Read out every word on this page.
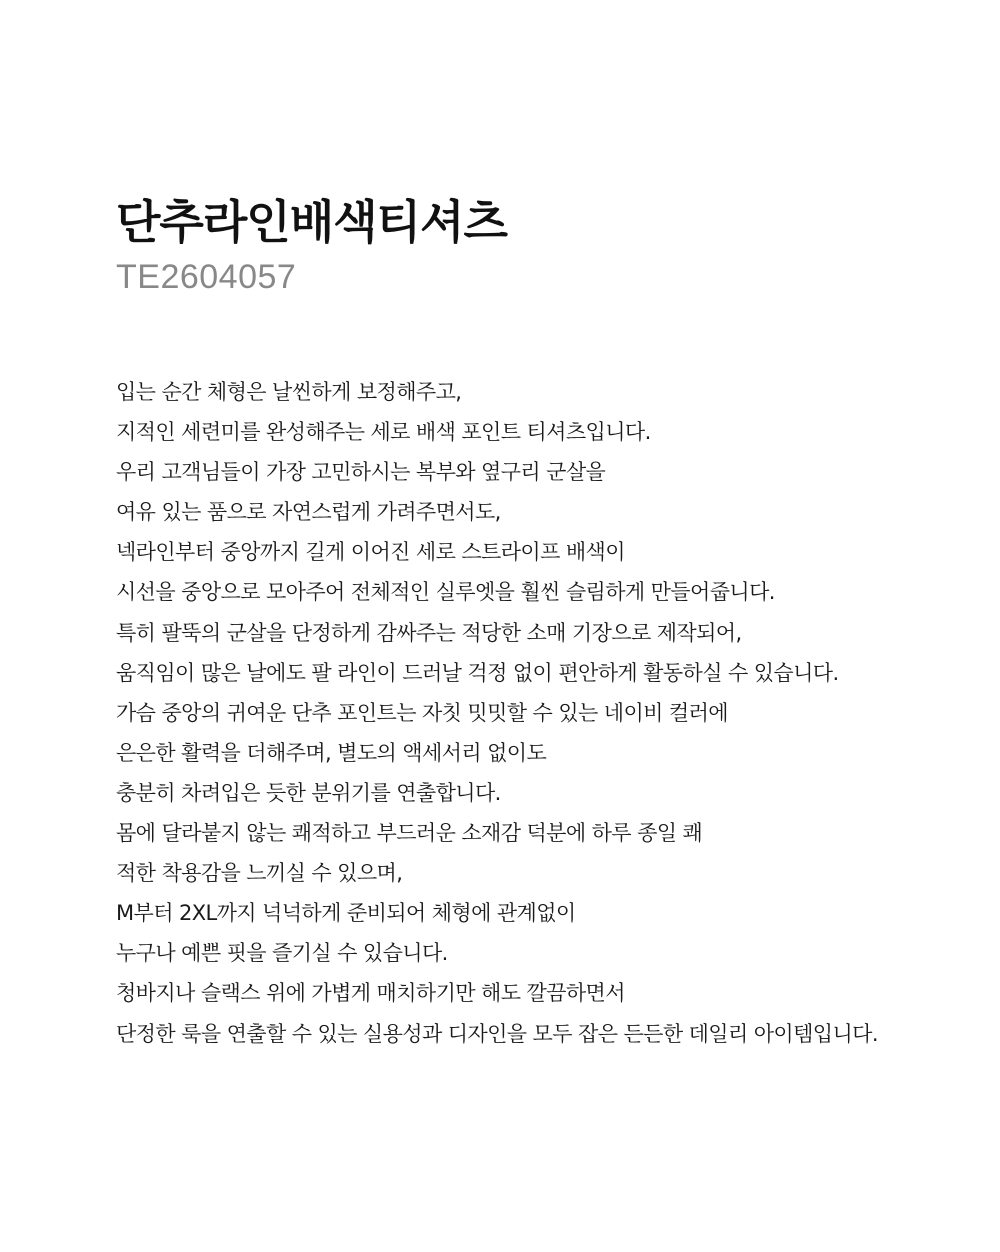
단추라인배색티셔츠
TE2604057
입는 순간 체형은 날씬하게 보정해주고,
지적인 세련미를 완성해주는 세로 배색 포인트 티셔츠입니다.
우리 고객님들이 가장 고민하시는 복부와 옆구리 군살을
여유 있는 품으로 자연스럽게 가려주면서도,
넥라인부터 중앙까지 길게 이어진 세로 스트라이프 배색이
시선을 중앙으로 모아주어 전체적인 실루엣을 훨씬 슬림하게 만들어줍니다.
특히 팔뚝의 군살을 단정하게 감싸주는 적당한 소매 기장으로 제작되어,
움직임이 많은 날에도 팔 라인이 드러날 걱정 없이 편안하게 활동하실 수 있습니다.
가슴 중앙의 귀여운 단추 포인트는 자칫 밋밋할 수 있는 네이비 컬러에
은은한 활력을 더해주며, 별도의 액세서리 없이도
충분히 차려입은 듯한 분위기를 연출합니다.
몸에 달라붙지 않는 쾌적하고 부드러운 소재감 덕분에 하루 종일 쾌
적한 착용감을 느끼실 수 있으며,
M부터 2XL까지 넉넉하게 준비되어 체형에 관계없이
누구나 예쁜 핏을 즐기실 수 있습니다.
청바지나 슬랙스 위에 가볍게 매치하기만 해도 깔끔하면서
단정한 룩을 연출할 수 있는 실용성과 디자인을 모두 잡은 든든한 데일리 아이템입니다.
